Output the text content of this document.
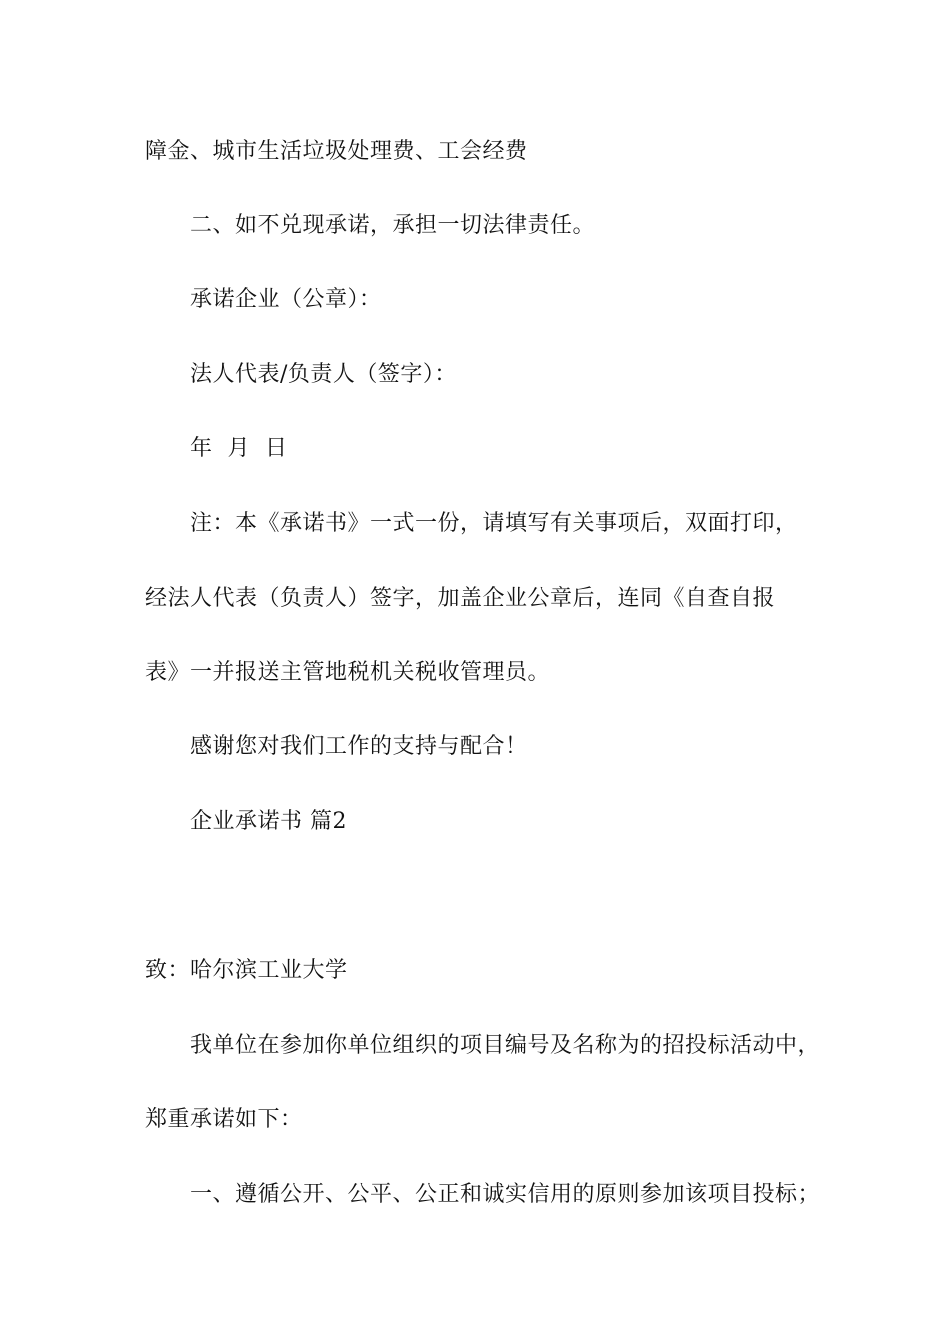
障金、城市生活垃圾处理费、工会经费
二、如不兑现承诺，承担一切法律责任。
承诺企业（公章）：
法人代表/负责人（签字）：
年  月  日
注：本《承诺书》一式一份，请填写有关事项后，双面打印，
经法人代表（负责人）签字，加盖企业公章后，连同《自查自报
表》一并报送主管地税机关税收管理员。
感谢您对我们工作的支持与配合！
企业承诺书 篇2
致：哈尔滨工业大学
我单位在参加你单位组织的项目编号及名称为的招投标活动中，
郑重承诺如下：
一、遵循公开、公平、公正和诚实信用的原则参加该项目投标；
